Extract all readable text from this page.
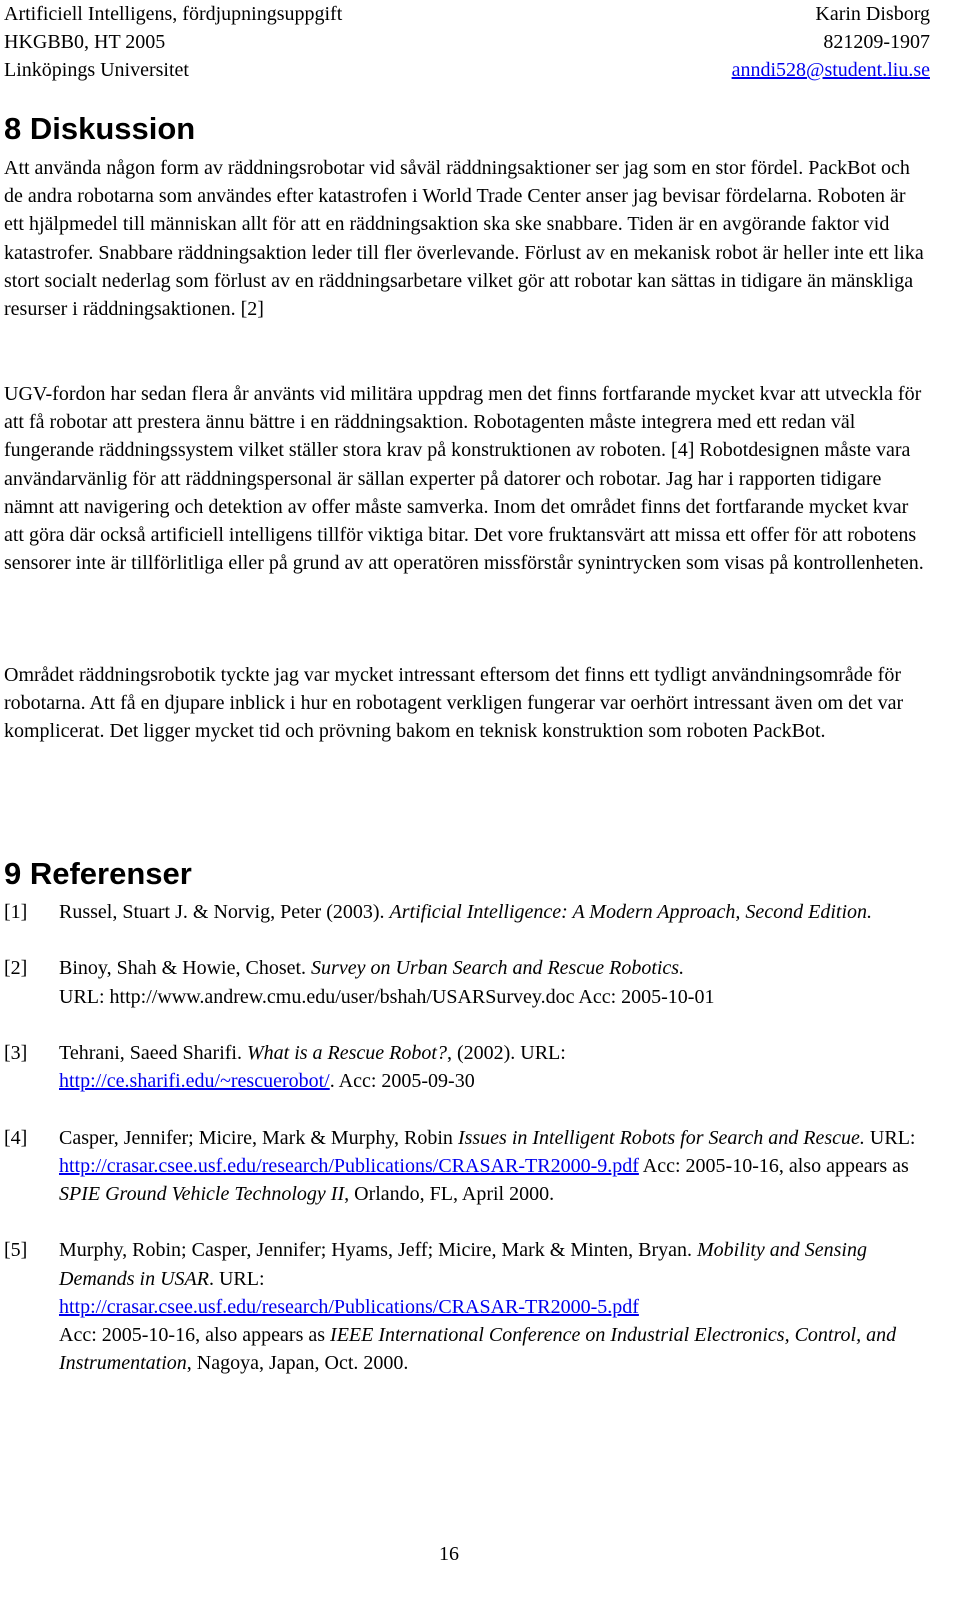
Artificiell Intelligens, fördjupningsuppgift
HKGBB0, HT 2005
Linköpings Universitet
Karin Disborg
821209-1907
anndi528@student.liu.se
8 Diskussion

Att använda någon form av räddningsrobotar vid såväl räddningsaktioner ser jag som en stor fördel. PackBot och de andra robotarna som användes efter katastrofen i World Trade Center anser jag bevisar fördelarna. Roboten är ett hjälpmedel till människan allt för att en räddningsaktion ska ske snabbare. Tiden är en avgörande faktor vid katastrofer. Snabbare räddningsaktion leder till fler överlevande. Förlust av en mekanisk robot är heller inte ett lika stort socialt nederlag som förlust av en räddningsarbetare vilket gör att robotar kan sättas in tidigare än mänskliga resurser i räddningsaktionen. [2]

UGV-fordon har sedan flera år använts vid militära uppdrag men det finns fortfarande mycket kvar att utveckla för att få robotar att prestera ännu bättre i en räddningsaktion. Robotagenten måste integrera med ett redan väl fungerande räddningssystem vilket ställer stora krav på konstruktionen av roboten. [4] Robotdesignen måste vara användarvänlig för att räddningspersonal är sällan experter på datorer och robotar. Jag har i rapporten tidigare nämnt att navigering och detektion av offer måste samverka. Inom det området finns det fortfarande mycket kvar att göra där också artificiell intelligens tillför viktiga bitar. Det vore fruktansvärt att missa ett offer för att robotens sensorer inte är tillförlitliga eller på grund av att operatören missförstår synintrycken som visas på kontrollenheten.

Området räddningsrobotik tyckte jag var mycket intressant eftersom det finns ett tydligt användningsområde för robotarna. Att få en djupare inblick i hur en robotagent verkligen fungerar var oerhört intressant även om det var komplicerat. Det ligger mycket tid och prövning bakom en teknisk konstruktion som roboten PackBot.

9 Referenser
[1] Russel, Stuart J. & Norvig, Peter (2003). Artificial Intelligence: A Modern Approach, Second Edition.
[2] Binoy, Shah & Howie, Choset. Survey on Urban Search and Rescue Robotics.
URL: http://www.andrew.cmu.edu/user/bshah/USARSurvey.doc Acc: 2005-10-01
[3] Tehrani, Saeed Sharifi. What is a Rescue Robot?, (2002). URL:
http://ce.sharifi.edu/~rescuerobot/. Acc: 2005-09-30
[4] Casper, Jennifer; Micire, Mark & Murphy, Robin Issues in Intelligent Robots for Search and Rescue. URL: http://crasar.csee.usf.edu/research/Publications/CRASAR-TR2000-9.pdf Acc: 2005-10-16, also appears as SPIE Ground Vehicle Technology II, Orlando, FL, April 2000.
[5] Murphy, Robin; Casper, Jennifer; Hyams, Jeff; Micire, Mark & Minten, Bryan. Mobility and Sensing Demands in USAR. URL:
http://crasar.csee.usf.edu/research/Publications/CRASAR-TR2000-5.pdf
Acc: 2005-10-16, also appears as IEEE International Conference on Industrial Electronics, Control, and Instrumentation, Nagoya, Japan, Oct. 2000.
16
